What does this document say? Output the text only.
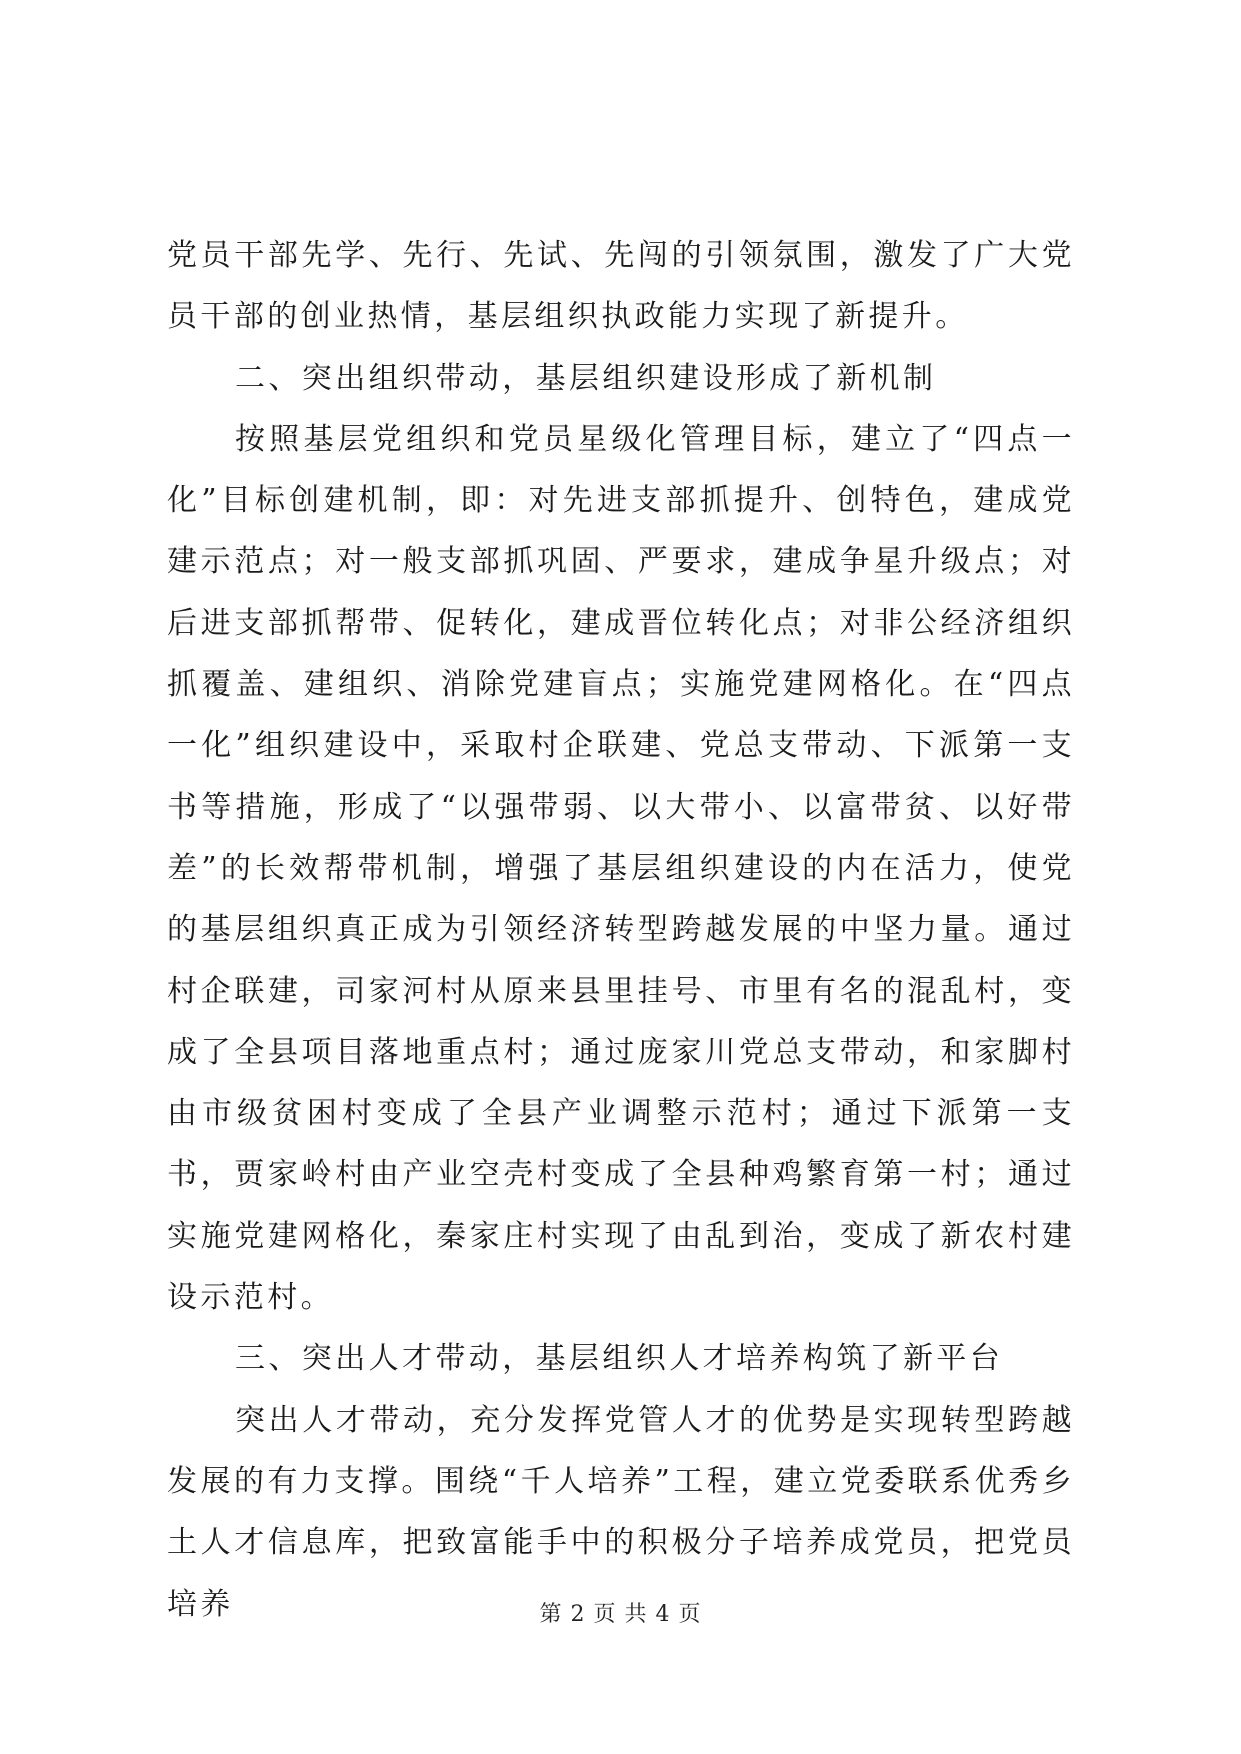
党员干部先学、先行、先试、先闯的引领氛围，激发了广大党员干部的创业热情，基层组织执政能力实现了新提升。

二、突出组织带动，基层组织建设形成了新机制

按照基层党组织和党员星级化管理目标，建立了“四点一化”目标创建机制，即：对先进支部抓提升、创特色，建成党建示范点；对一般支部抓巩固、严要求，建成争星升级点；对后进支部抓帮带、促转化，建成晋位转化点；对非公经济组织抓覆盖、建组织、消除党建盲点；实施党建网格化。在“四点一化”组织建设中，采取村企联建、党总支带动、下派第一支书等措施，形成了“以强带弱、以大带小、以富带贫、以好带差”的长效帮带机制，增强了基层组织建设的内在活力，使党的基层组织真正成为引领经济转型跨越发展的中坚力量。通过村企联建，司家河村从原来县里挂号、市里有名的混乱村，变成了全县项目落地重点村；通过庞家川党总支带动，和家脚村由市级贫困村变成了全县产业调整示范村；通过下派第一支书，贾家岭村由产业空壳村变成了全县种鸡繁育第一村；通过实施党建网格化，秦家庄村实现了由乱到治，变成了新农村建设示范村。

三、突出人才带动，基层组织人才培养构筑了新平台

突出人才带动，充分发挥党管人才的优势是实现转型跨越发展的有力支撑。围绕“千人培养”工程，建立党委联系优秀乡土人才信息库，把致富能手中的积极分子培养成党员，把党员培养	第 2 页 共 4 页
